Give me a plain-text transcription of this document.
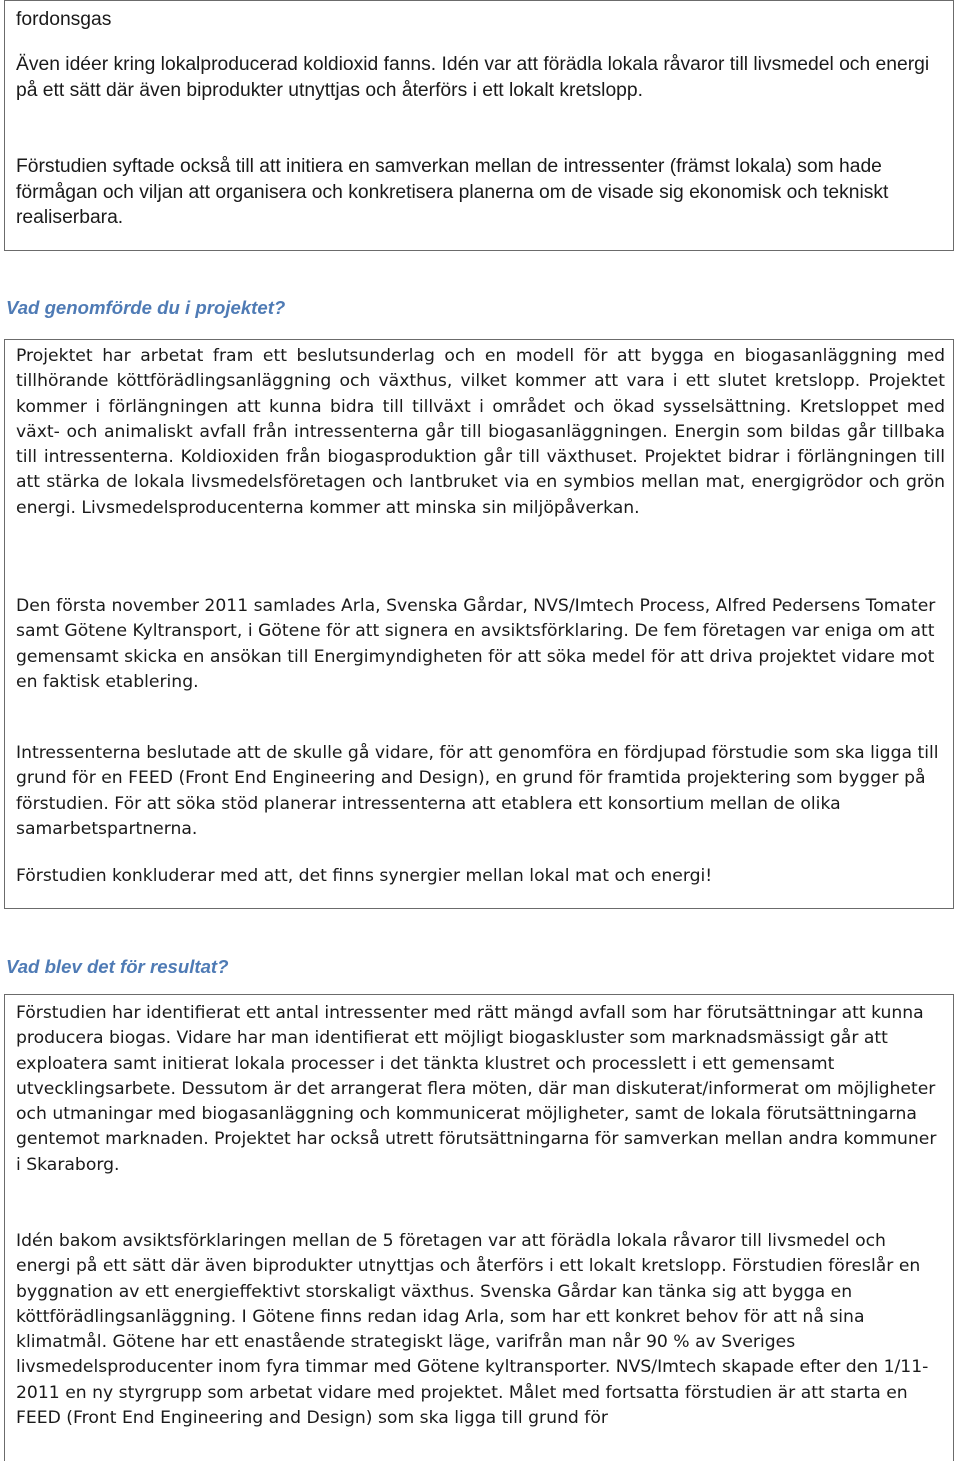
fordonsgas

Även idéer kring lokalproducerad koldioxid fanns. Idén var att förädla lokala råvaror till livsmedel och energi på ett sätt där även biprodukter utnyttjas och återförs i ett lokalt kretslopp.

Förstudien syftade också till att initiera en samverkan mellan de intressenter (främst lokala) som hade förmågan och viljan att organisera och konkretisera planerna om de visade sig ekonomisk och tekniskt realiserbara.

Vad genomförde du i projektet?

Projektet har arbetat fram ett beslutsunderlag och en modell för att bygga en biogasanläggning med tillhörande köttförädlingsanläggning och växthus, vilket kommer att vara i ett slutet kretslopp. Projektet kommer i förlängningen att kunna bidra till tillväxt i området och ökad sysselsättning. Kretsloppet med växt- och animaliskt avfall från intressenterna går till biogasanläggningen. Energin som bildas går tillbaka till intressenterna. Koldioxiden från biogasproduktion går till växthuset. Projektet bidrar i förlängningen till att stärka de lokala livsmedelsföretagen och lantbruket via en symbios mellan mat, energigrödor och grön energi. Livsmedelsproducenterna kommer att minska sin miljöpåverkan.

Den första november 2011 samlades Arla, Svenska Gårdar, NVS/Imtech Process, Alfred Pedersens Tomater samt Götene Kyltransport, i Götene för att signera en avsiktsförklaring. De fem företagen var eniga om att gemensamt skicka en ansökan till Energimyndigheten för att söka medel för att driva projektet vidare mot en faktisk etablering.

Intressenterna beslutade att de skulle gå vidare, för att genomföra en fördjupad förstudie som ska ligga till grund för en FEED (Front End Engineering and Design), en grund för framtida projektering som bygger på förstudien. För att söka stöd planerar intressenterna att etablera ett konsortium mellan de olika samarbetspartnerna.

Förstudien konkluderar med att, det finns synergier mellan lokal mat och energi!

Vad blev det för resultat?

Förstudien har identifierat ett antal intressenter med rätt mängd avfall som har förutsättningar att kunna producera biogas. Vidare har man identifierat ett möjligt biogaskluster som marknadsmässigt går att exploatera samt initierat lokala processer i det tänkta klustret och processlett i ett gemensamt utvecklingsarbete. Dessutom är det arrangerat flera möten, där man diskuterat/informerat om möjligheter och utmaningar med biogasanläggning och kommunicerat möjligheter, samt de lokala förutsättningarna gentemot marknaden. Projektet har också utrett förutsättningarna för samverkan mellan andra kommuner i Skaraborg.

Idén bakom avsiktsförklaringen mellan de 5 företagen var att förädla lokala råvaror till livsmedel och energi på ett sätt där även biprodukter utnyttjas och återförs i ett lokalt kretslopp. Förstudien föreslår en byggnation av ett energieffektivt storskaligt växthus. Svenska Gårdar kan tänka sig att bygga en köttförädlingsanläggning. I Götene finns redan idag Arla, som har ett konkret behov för att nå sina klimatmål. Götene har ett enastående strategiskt läge, varifrån man når 90 % av Sveriges livsmedelsproducenter inom fyra timmar med Götene kyltransporter. NVS/Imtech skapade efter den 1/11-2011 en ny styrgrupp som arbetat vidare med projektet. Målet med fortsatta förstudien är att starta en FEED (Front End Engineering and Design) som ska ligga till grund för
